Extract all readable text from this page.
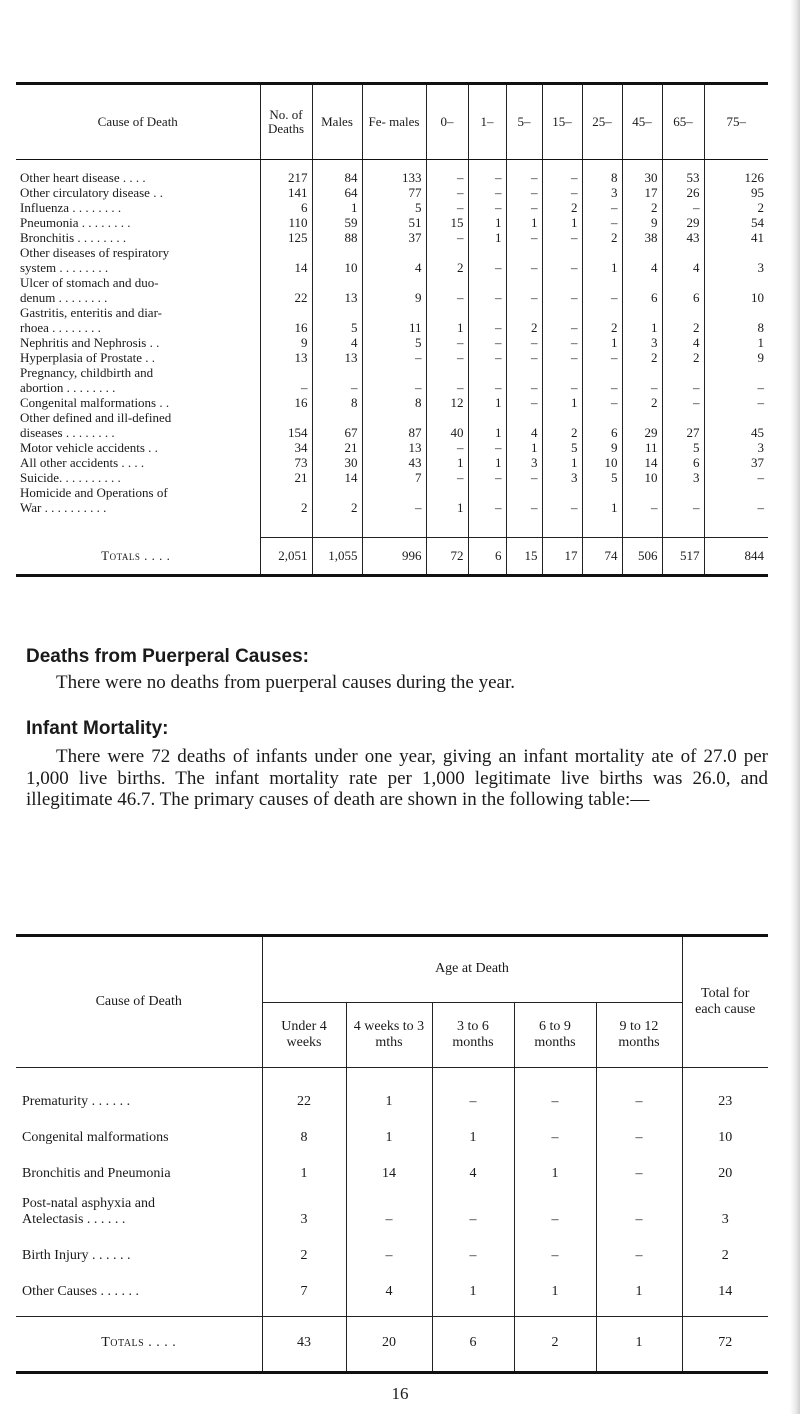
Cause of Death	No. of Deaths	Males	Fe- males	0–	1–	5–	15–	25–	45–	65–	75–

Other heart disease . . . .	217	84	133	–	–	–	–	8	30	53	126

Other circulatory disease . .	141	64	77	–	–	–	–	3	17	26	95

Influenza . . . . . . . .	6	1	5	–	–	–	2	–	2	–	2

Pneumonia . . . . . . . .	110	59	51	15	1	1	1	–	9	29	54

Bronchitis . . . . . . . .	125	88	37	–	1	–	–	2	38	43	41

Other diseases of respiratory
system . . . . . . . .	14	10	4	2	–	–	–	1	4	4	3

Ulcer of stomach and duo-
denum . . . . . . . .	22	13	9	–	–	–	–	–	6	6	10

Gastritis, enteritis and diar-
rhoea . . . . . . . .	16	5	11	1	–	2	–	2	1	2	8

Nephritis and Nephrosis . .	9	4	5	–	–	–	–	1	3	4	1

Hyperplasia of Prostate . .	13	13	–	–	–	–	–	–	2	2	9

Pregnancy, childbirth and
abortion . . . . . . . .	–	–	–	–	–	–	–	–	–	–	–

Congenital malformations . .	16	8	8	12	1	–	1	–	2	–	–

Other defined and ill-defined
diseases . . . . . . . .	154	67	87	40	1	4	2	6	29	27	45

Motor vehicle accidents . .	34	21	13	–	–	1	5	9	11	5	3

All other accidents . . . .	73	30	43	1	1	3	1	10	14	6	37

Suicide. . . . . . . . . .	21	14	7	–	–	–	3	5	10	3	–

Homicide and Operations of
War . . . . . . . . . .	2	2	–	1	–	–	–	1	–	–	–

Totals . . . .	2,051	1,055	996	72	6	15	17	74	506	517	844
Deaths from Puerperal Causes:
There were no deaths from puerperal causes during the year.
Infant Mortality:
There were 72 deaths of infants under one year, giving an infant mortality ate of 27.0 per 1,000 live births. The infant mortality rate per 1,000 legitimate live births was 26.0, and illegitimate 46.7. The primary causes of death are shown in the following table:—
Cause of Death	Age at Death					Total for each cause
	Under 4 weeks	4 weeks to 3 mths	3 to 6 months	6 to 9 months	9 to 12 months	

Prematurity . . . . . .	22	1	–	–	–	23

Congenital malformations	8	1	1	–	–	10

Bronchitis and Pneumonia	1	14	4	1	–	20

Post-natal asphyxia and
Atelectasis . . . . . .	3	–	–	–	–	3

Birth Injury . . . . . .	2	–	–	–	–	2

Other Causes . . . . . .	7	4	1	1	1	14

Totals . . . .	43	20	6	2	1	72
16
